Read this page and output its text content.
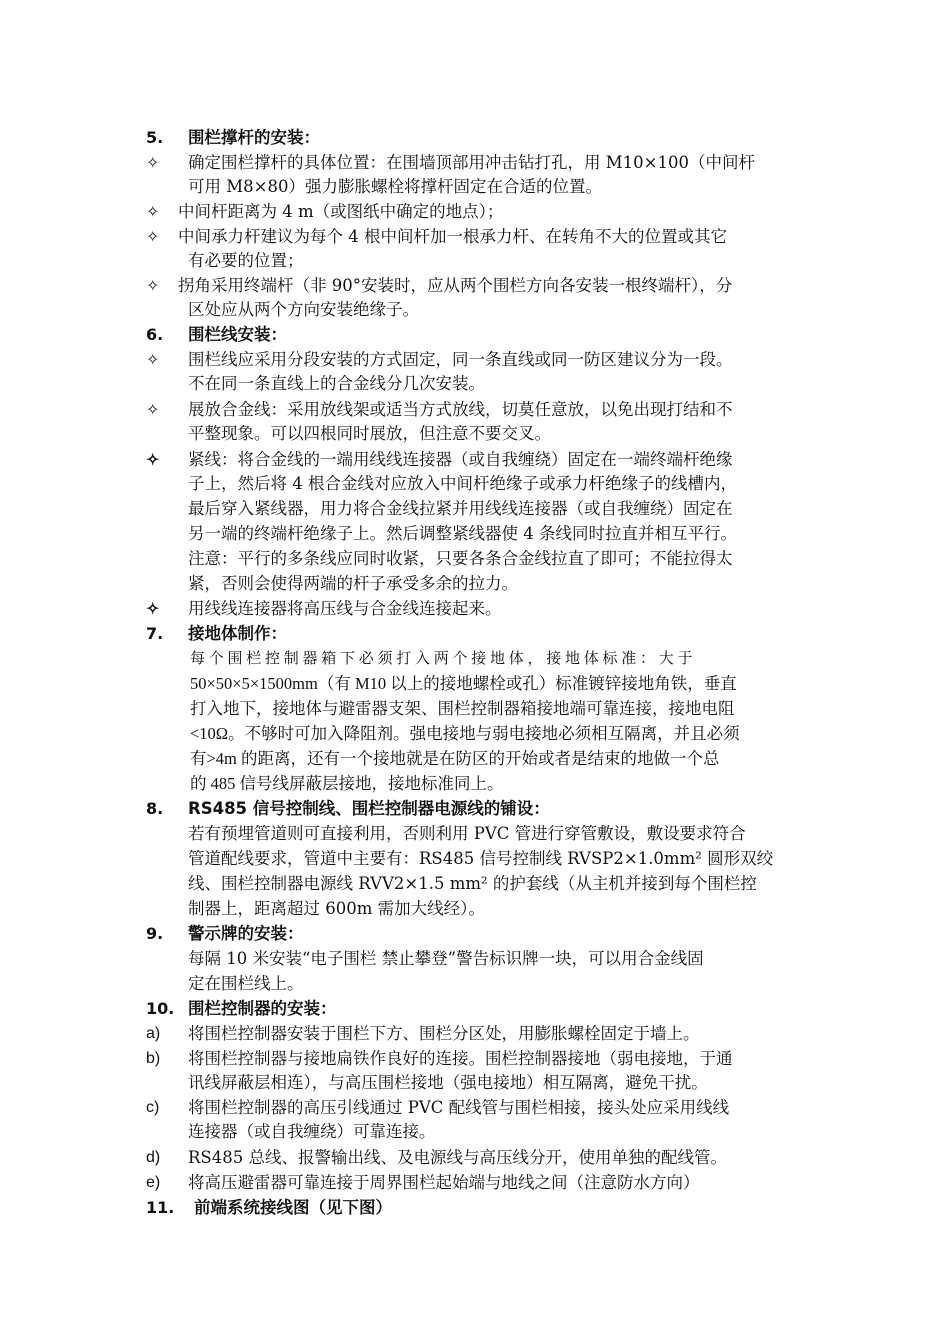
5. 围栏撑杆的安装：
✧ 确定围栏撑杆的具体位置：在围墙顶部用冲击钻打孔，用 M10×100（中间杆
可用 M8×80）强力膨胀螺栓将撑杆固定在合适的位置。
✧ 中间杆距离为 4 m（或图纸中确定的地点）；
✧ 中间承力杆建议为每个 4 根中间杆加一根承力杆、在转角不大的位置或其它
有必要的位置；
✧ 拐角采用终端杆（非 90°安装时，应从两个围栏方向各安装一根终端杆），分
区处应从两个方向安装绝缘子。
6. 围栏线安装：
✧ 围栏线应采用分段安装的方式固定，同一条直线或同一防区建议分为一段。
不在同一条直线上的合金线分几次安装。
✧ 展放合金线：采用放线架或适当方式放线，切莫任意放，以免出现打结和不
平整现象。可以四根同时展放，但注意不要交叉。
✧ 紧线：将合金线的一端用线线连接器（或自我缠绕）固定在一端终端杆绝缘
子上，然后将 4 根合金线对应放入中间杆绝缘子或承力杆绝缘子的线槽内，
最后穿入紧线器，用力将合金线拉紧并用线线连接器（或自我缠绕）固定在
另一端的终端杆绝缘子上。然后调整紧线器使 4 条线同时拉直并相互平行。
注意：平行的多条线应同时收紧，只要各条合金线拉直了即可；不能拉得太
紧，否则会使得两端的杆子承受多余的拉力。
✧ 用线线连接器将高压线与合金线连接起来。
7. 接地体制作：
每 个 围 栏 控 制 器 箱 下 必 须 打 入 两 个 接 地 体 ， 接 地 体 标 准 ： 大 于
50×50×5×1500mm（有 M10 以上的接地螺栓或孔）标准镀锌接地角铁，垂直
打入地下，接地体与避雷器支架、围栏控制器箱接地端可靠连接，接地电阻
<10Ω。不够时可加入降阻剂。强电接地与弱电接地必须相互隔离，并且必须
有>4m 的距离，还有一个接地就是在防区的开始或者是结束的地做一个总
的 485 信号线屏蔽层接地，接地标准同上。
8. RS485 信号控制线、围栏控制器电源线的铺设：
若有预埋管道则可直接利用，否则利用 PVC 管进行穿管敷设，敷设要求符合
管道配线要求，管道中主要有：RS485 信号控制线 RVSP2×1.0mm² 圆形双绞
线、围栏控制器电源线 RVV2×1.5 mm² 的护套线（从主机并接到每个围栏控
制器上，距离超过 600m 需加大线经）。
9. 警示牌的安装：
每隔 10 米安装“电子围栏 禁止攀登”警告标识牌一块，可以用合金线固
定在围栏线上。
10. 围栏控制器的安装：
a) 将围栏控制器安装于围栏下方、围栏分区处，用膨胀螺栓固定于墙上。
b) 将围栏控制器与接地扁铁作良好的连接。围栏控制器接地（弱电接地，于通
讯线屏蔽层相连），与高压围栏接地（强电接地）相互隔离，避免干扰。
c) 将围栏控制器的高压引线通过 PVC 配线管与围栏相接，接头处应采用线线
连接器（或自我缠绕）可靠连接。
d) RS485 总线、报警输出线、及电源线与高压线分开，使用单独的配线管。
e) 将高压避雷器可靠连接于周界围栏起始端与地线之间（注意防水方向）
11. 前端系统接线图（见下图）
